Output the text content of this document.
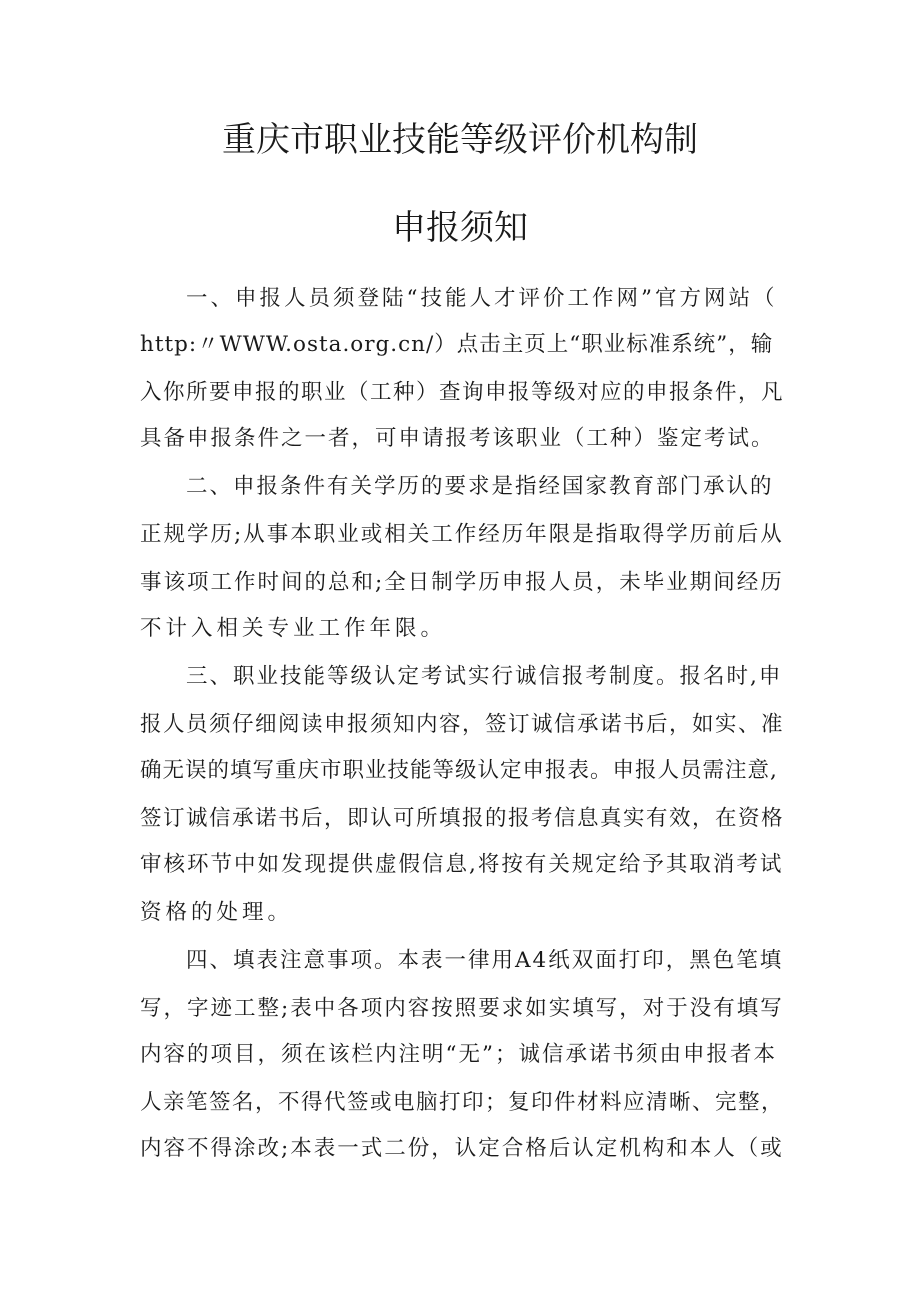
重庆市职业技能等级评价机构制
申报须知
一、申报人员须登陆“技能人才评价工作网”官方网站（
http:〃WWW.osta.org.cn/）点击主页上“职业标准系统”，输
入你所要申报的职业（工种）查询申报等级对应的申报条件，凡
具备申报条件之一者，可申请报考该职业（工种）鉴定考试。
二、申报条件有关学历的要求是指经国家教育部门承认的
正规学历;从事本职业或相关工作经历年限是指取得学历前后从
事该项工作时间的总和;全日制学历申报人员，未毕业期间经历
不计入相关专业工作年限。
三、职业技能等级认定考试实行诚信报考制度。报名时,申
报人员须仔细阅读申报须知内容，签订诚信承诺书后，如实、准
确无误的填写重庆市职业技能等级认定申报表。申报人员需注意,
签订诚信承诺书后，即认可所填报的报考信息真实有效，在资格
审核环节中如发现提供虚假信息,将按有关规定给予其取消考试
资格的处理。
四、填表注意事项。本表一律用A4纸双面打印，黑色笔填
写，字迹工整;表中各项内容按照要求如实填写，对于没有填写
内容的项目，须在该栏内注明“无”；诚信承诺书须由申报者本
人亲笔签名，不得代签或电脑打印；复印件材料应清晰、完整，
内容不得涂改;本表一式二份，认定合格后认定机构和本人（或
